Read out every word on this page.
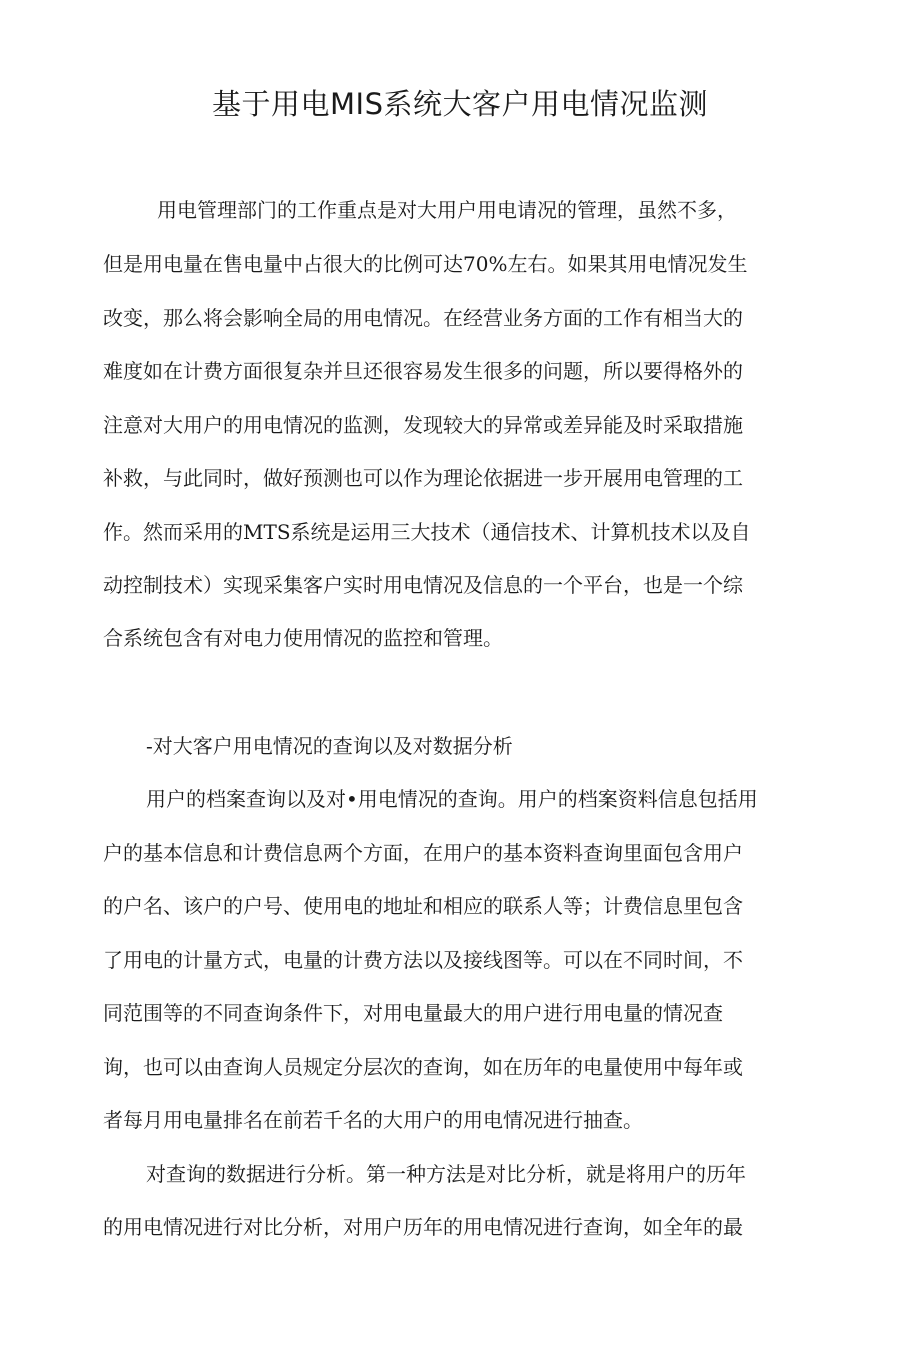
基于用电MIS系统大客户用电情况监测

用电管理部门的工作重点是对大用户用电请况的管理，虽然不多，

但是用电量在售电量中占很大的比例可达70%左右。如果其用电情况发生

改变，那么将会影响全局的用电情况。在经营业务方面的工作有相当大的

难度如在计费方面很复杂并旦还很容易发生很多的问题，所以要得格外的

注意对大用户的用电情况的监测，发现较大的异常或差异能及时采取措施

补救，与此同时，做好预测也可以作为理论依据进一步开展用电管理的工

作。然而采用的MTS系统是运用三大技术（通信技术、计算机技术以及自

动控制技术）实现采集客户实时用电情况及信息的一个平台，也是一个综

合系统包含有对电力使用情况的监控和管理。

-对大客户用电情况的查询以及对数据分析

用户的档案查询以及对•用电情况的查询。用户的档案资料信息包括用

户的基本信息和计费信息两个方面，在用户的基本资料查询里面包含用户

的户名、该户的户号、使用电的地址和相应的联系人等；计费信息里包含

了用电的计量方式，电量的计费方法以及接线图等。可以在不同时间，不

同范围等的不同查询条件下，对用电量最大的用户进行用电量的情况查

询，也可以由查询人员规定分层次的查询，如在历年的电量使用中每年或

者每月用电量排名在前若千名的大用户的用电情况进行抽查。

对查询的数据进行分析。第一种方法是对比分析，就是将用户的历年

的用电情况进行对比分析，对用户历年的用电情况进行查询，如全年的最
